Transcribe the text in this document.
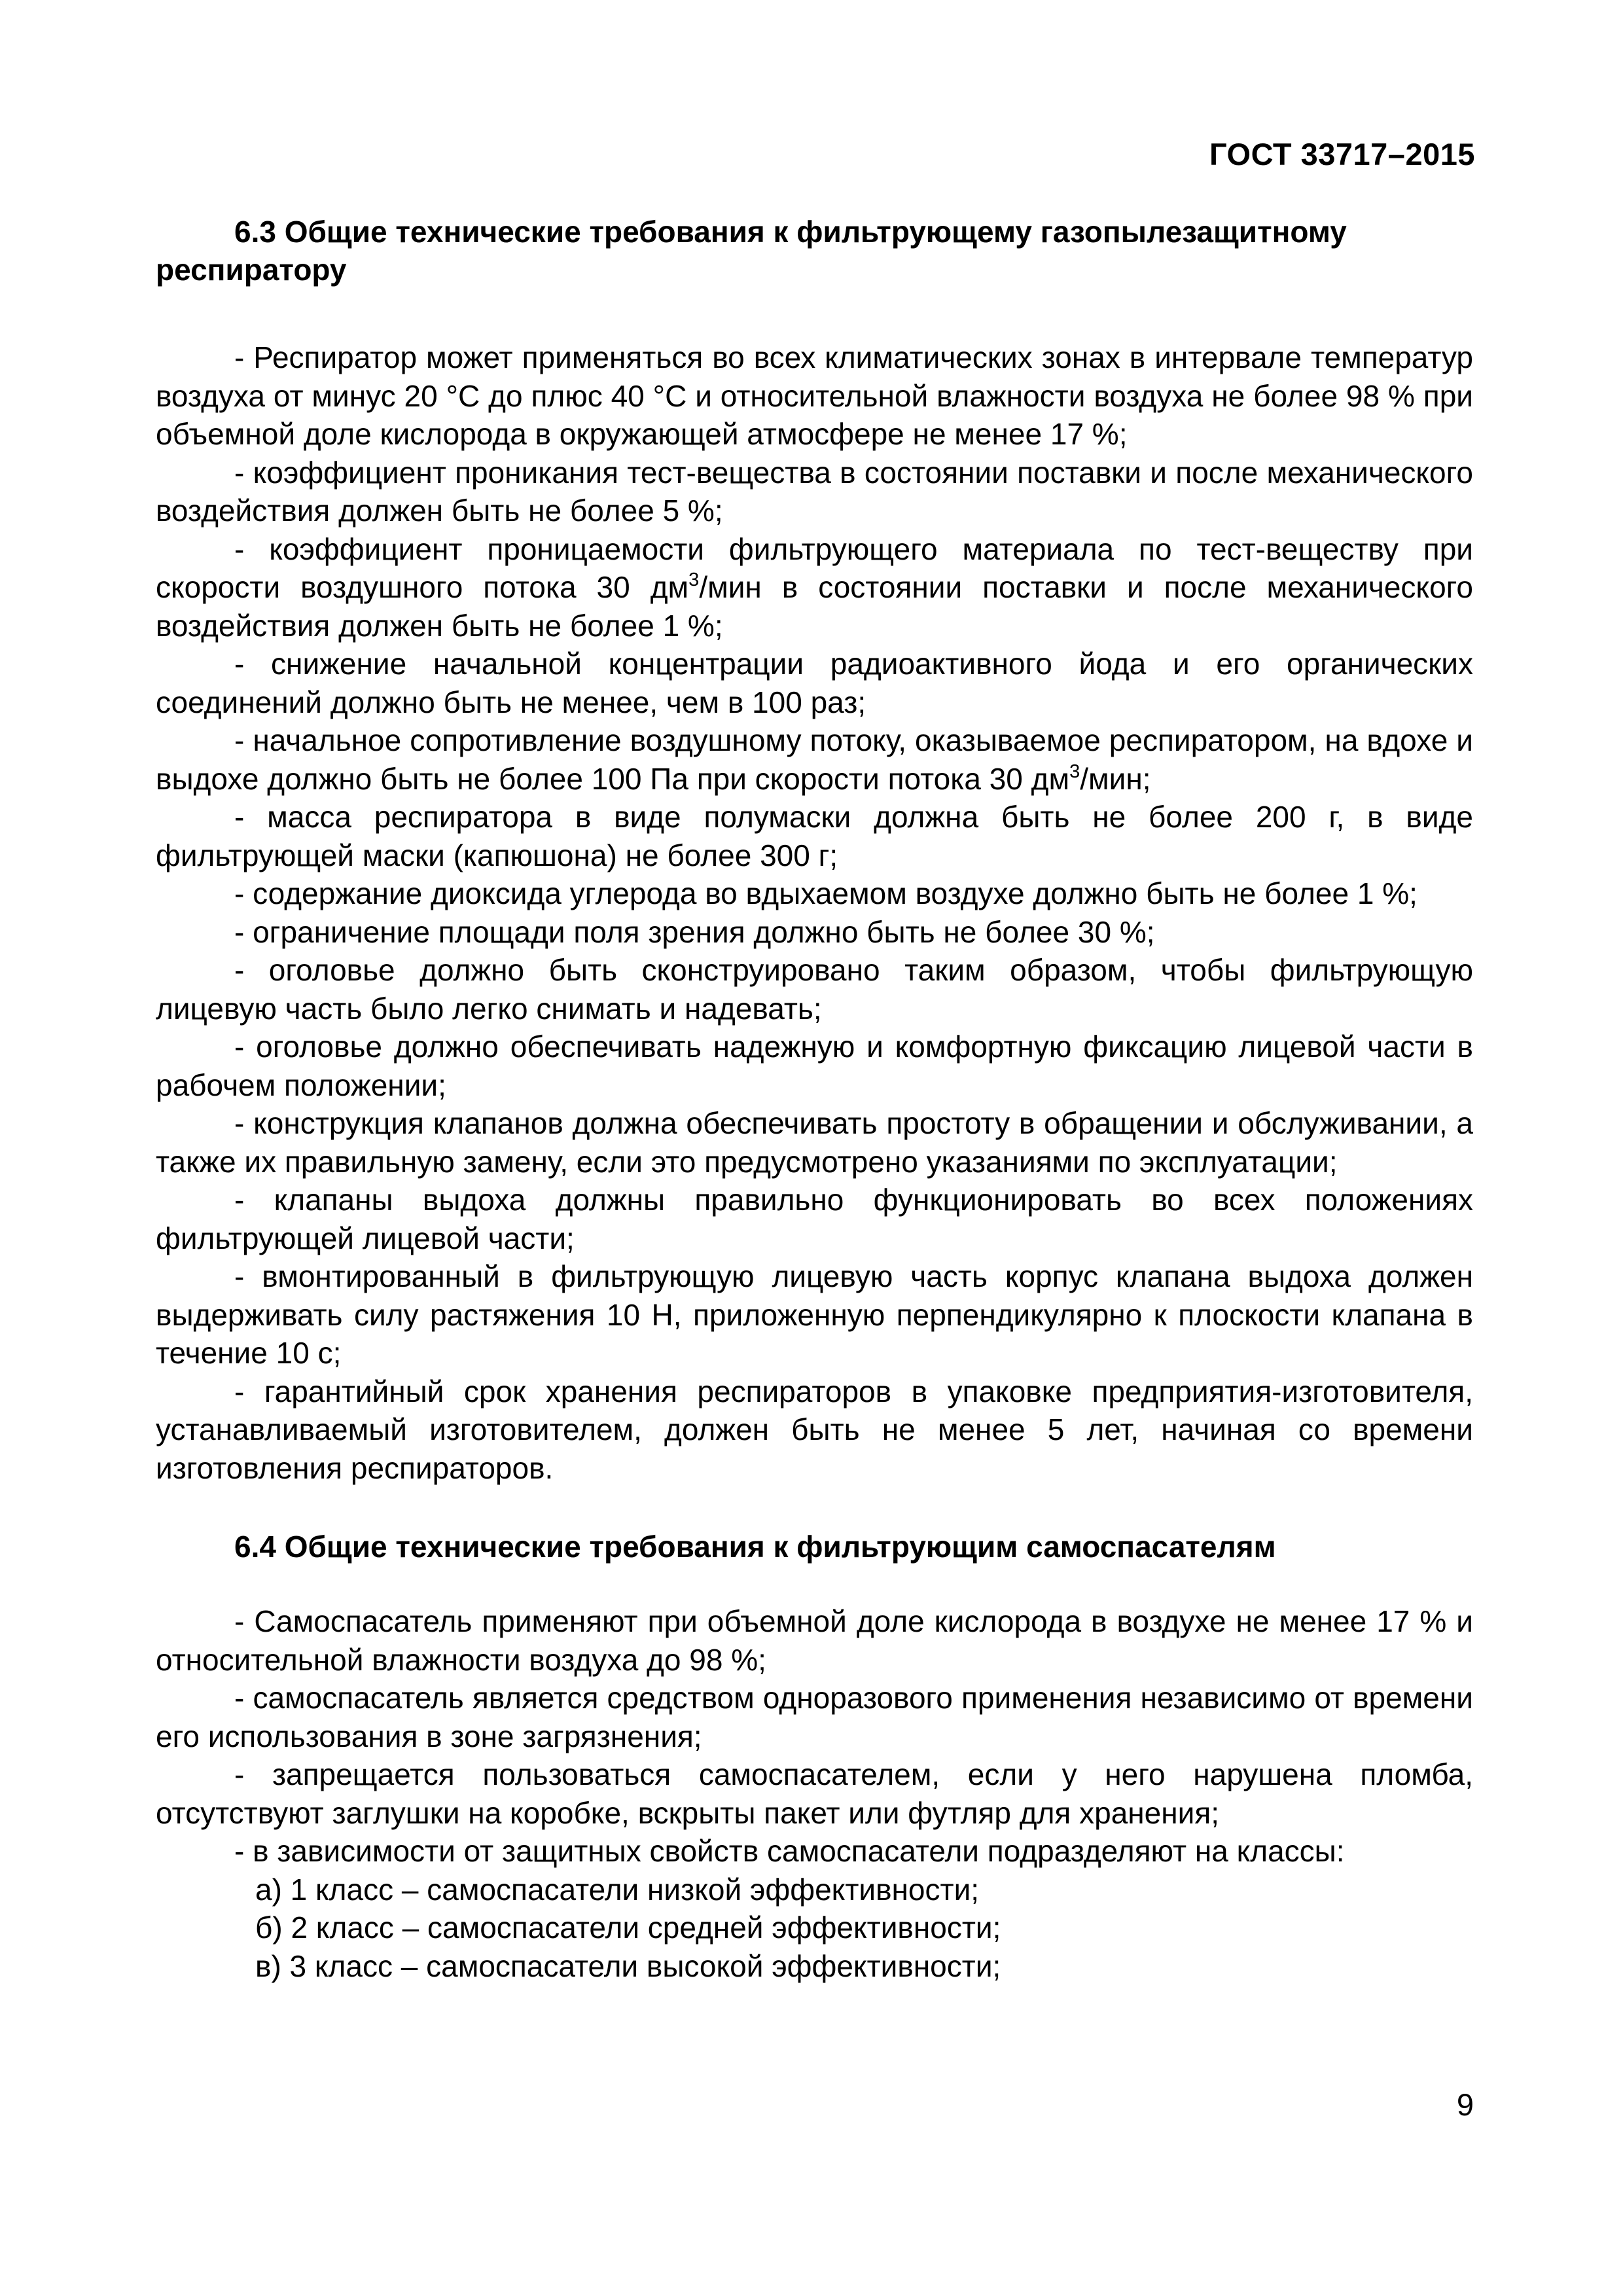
ГОСТ 33717–2015

6.3 Общие технические требования к фильтрующему газопылезащитному респиратору

- Респиратор может применяться во всех климатических зонах в интервале температур воздуха от минус 20 °C до плюс 40 °C и относительной влажности воздуха не более 98 % при объемной доле кислорода в окружающей атмосфере не менее 17 %;

- коэффициент проникания тест-вещества в состоянии поставки и после механического воздействия должен быть не более 5 %;

- коэффициент проницаемости фильтрующего материала по тест-веществу при скорости воздушного потока 30 $дм^3$/мин в состоянии поставки и после механического воздействия должен быть не более 1 %;

- снижение начальной концентрации радиоактивного йода и его органических соединений должно быть не менее, чем в 100 раз;

- начальное сопротивление воздушному потоку, оказываемое респиратором, на вдохе и выдохе должно быть не более 100 Па при скорости потока 30 $дм^3$/мин;

- масса респиратора в виде полумаски должна быть не более 200 г, в виде фильтрующей маски (капюшона) не более 300 г;

- содержание диоксида углерода во вдыхаемом воздухе должно быть не более 1 %;

- ограничение площади поля зрения должно быть не более 30 %;

- оголовье должно быть сконструировано таким образом, чтобы фильтрующую лицевую часть было легко снимать и надевать;

- оголовье должно обеспечивать надежную и комфортную фиксацию лицевой части в рабочем положении;

- конструкция клапанов должна обеспечивать простоту в обращении и обслуживании, а также их правильную замену, если это предусмотрено указаниями по эксплуатации;

- клапаны выдоха должны правильно функционировать во всех положениях фильтрующей лицевой части;

- вмонтированный в фильтрующую лицевую часть корпус клапана выдоха должен выдерживать силу растяжения 10 Н, приложенную перпендикулярно к плоскости клапана в течение 10 с;

- гарантийный срок хранения респираторов в упаковке предприятия-изготовителя, устанавливаемый изготовителем, должен быть не менее 5 лет, начиная со времени изготовления респираторов.

6.4 Общие технические требования к фильтрующим самоспасателям

- Самоспасатель применяют при объемной доле кислорода в воздухе не менее 17 % и относительной влажности воздуха до 98 %;

- самоспасатель является средством одноразового применения независимо от времени его использования в зоне загрязнения;

- запрещается пользоваться самоспасателем, если у него нарушена пломба, отсутствуют заглушки на коробке, вскрыты пакет или футляр для хранения;

- в зависимости от защитных свойств самоспасатели подразделяют на классы:

а) 1 класс – самоспасатели низкой эффективности;

б) 2 класс – самоспасатели средней эффективности;

в) 3 класс – самоспасатели высокой эффективности;

9
